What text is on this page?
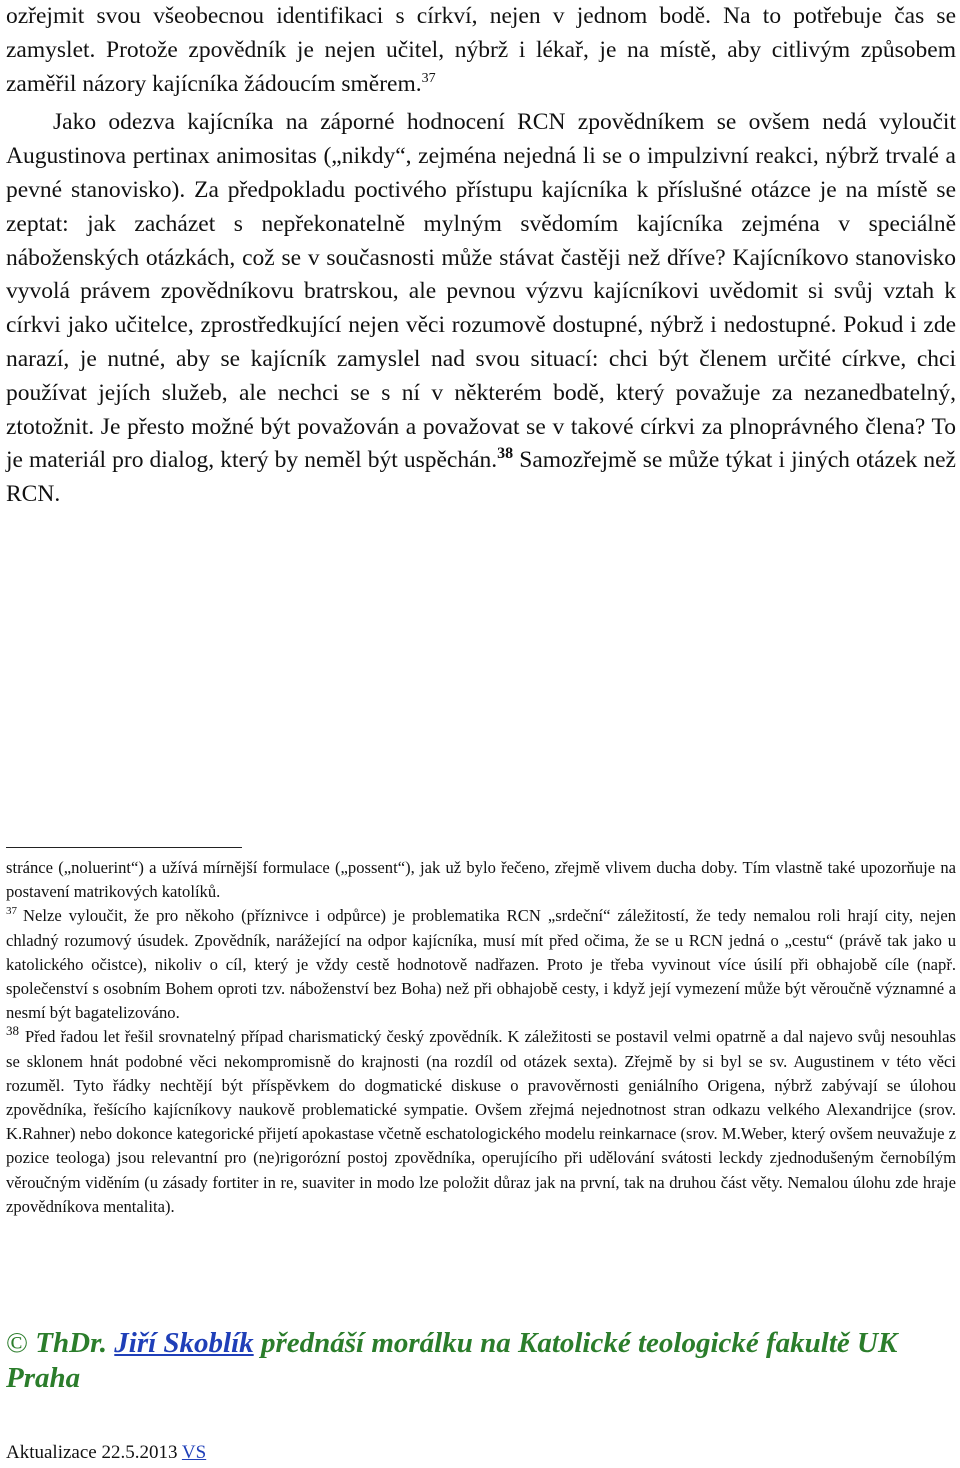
ozřejmit svou všeobecnou identifikaci s církví, nejen v jednom bodě. Na to potřebuje čas se zamyslet. Protože zpovědník je nejen učitel, nýbrž i lékař, je na místě, aby citlivým způsobem zaměřil názory kajícníka žádoucím směrem.$^{37}$

Jako odezva kajícníka na záporné hodnocení RCN zpovědníkem se ovšem nedá vyloučit Augustinova pertinax animositas („nikdy“, zejména nejedná li se o impulzivní reakci, nýbrž trvalé a pevné stanovisko). Za předpokladu poctivého přístupu kajícníka k příslušné otázce je na místě se zeptat: jak zacházet s nepřekonatelně mylným svědomím kajícníka zejména v speciálně náboženských otázkách, což se v současnosti může stávat častěji než dříve? Kajícníkovo stanovisko vyvolá právem zpovědníkovu bratrskou, ale pevnou výzvu kajícníkovi uvědomit si svůj vztah k církvi jako učitelce, zprostředkující nejen věci rozumově dostupné, nýbrž i nedostupné. Pokud i zde narazí, je nutné, aby se kajícník zamyslel nad svou situací: chci být členem určité církve, chci používat jejích služeb, ale nechci se s ní v některém bodě, který považuje za nezanedbatelný, ztotožnit. Je přesto možné být považován a považovat se v takové církvi za plnoprávného člena? To je materiál pro dialog, který by neměl být uspěchán.$^{38}$ Samozřejmě se může týkat i jiných otázek než RCN.

stránce („noluerint“) a užívá mírnější formulace („possent“), jak už bylo řečeno, zřejmě vlivem ducha doby. Tím vlastně také upozorňuje na postavení matrikových katolíků.

$^{37}$ Nelze vyloučit, že pro někoho (příznivce i odpůrce) je problematika RCN „srdeční“ záležitostí, že tedy nemalou roli hrají city, nejen chladný rozumový úsudek. Zpovědník, narážející na odpor kajícníka, musí mít před očima, že se u RCN jedná o „cestu“ (právě tak jako u katolického očistce), nikoliv o cíl, který je vždy cestě hodnotově nadřazen. Proto je třeba vyvinout více úsilí při obhajobě cíle (např. společenství s osobním Bohem oproti tzv. náboženství bez Boha) než při obhajobě cesty, i když její vymezení může být věroučně významné a nesmí být bagatelizováno.

$^{38}$ Před řadou let řešil srovnatelný případ charismatický český zpovědník. K záležitosti se postavil velmi opatrně a dal najevo svůj nesouhlas se sklonem hnát podobné věci nekompromisně do krajnosti (na rozdíl od otázek sexta). Zřejmě by si byl se sv. Augustinem v této věci rozuměl. Tyto řádky nechtějí být příspěvkem do dogmatické diskuse o pravověrnosti geniálního Origena, nýbrž zabývají se úlohou zpovědníka, řešícího kajícníkovy naukově problematické sympatie. Ovšem zřejmá nejednotnost stran odkazu velkého Alexandrijce (srov. K.Rahner) nebo dokonce kategorické přijetí apokastase včetně eschatologického modelu reinkarnace (srov. M.Weber, který ovšem neuvažuje z pozice teologa) jsou relevantní pro (ne)rigorózní postoj zpovědníka, operujícího při udělování svátosti leckdy zjednodušeným černobílým věroučným viděním (u zásady fortiter in re, suaviter in modo lze položit důraz jak na první, tak na druhou část věty. Nemalou úlohu zde hraje zpovědníkova mentalita).

© ThDr. Jiří Skoblík přednáší morálku na Katolické teologické fakultě UK Praha
Aktualizace 22.5.2013 VS
